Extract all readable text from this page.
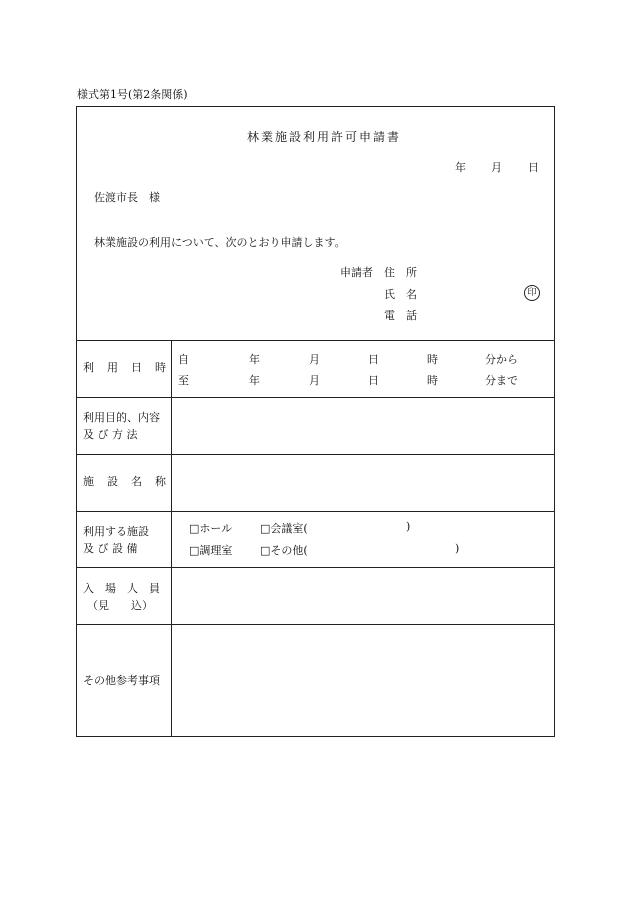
様式第1号(第2条関係)
林業施設利用許可申請書
年 月 日
佐渡市長　様
林業施設の利用について、次のとおり申請します。
申請者 住　所
氏　名	印
電　話
利　用　日　時
自	年	月	日	時	分から
至	年	月	日	時	分まで
利用目的、内容
及 び 方 法
施　設　名　称
利用する施設
及 び 設 備
□ホール	□会議室(	)
□調理室	□その他(	)
入　場　人　員
（見　　込）
その他参考事項
